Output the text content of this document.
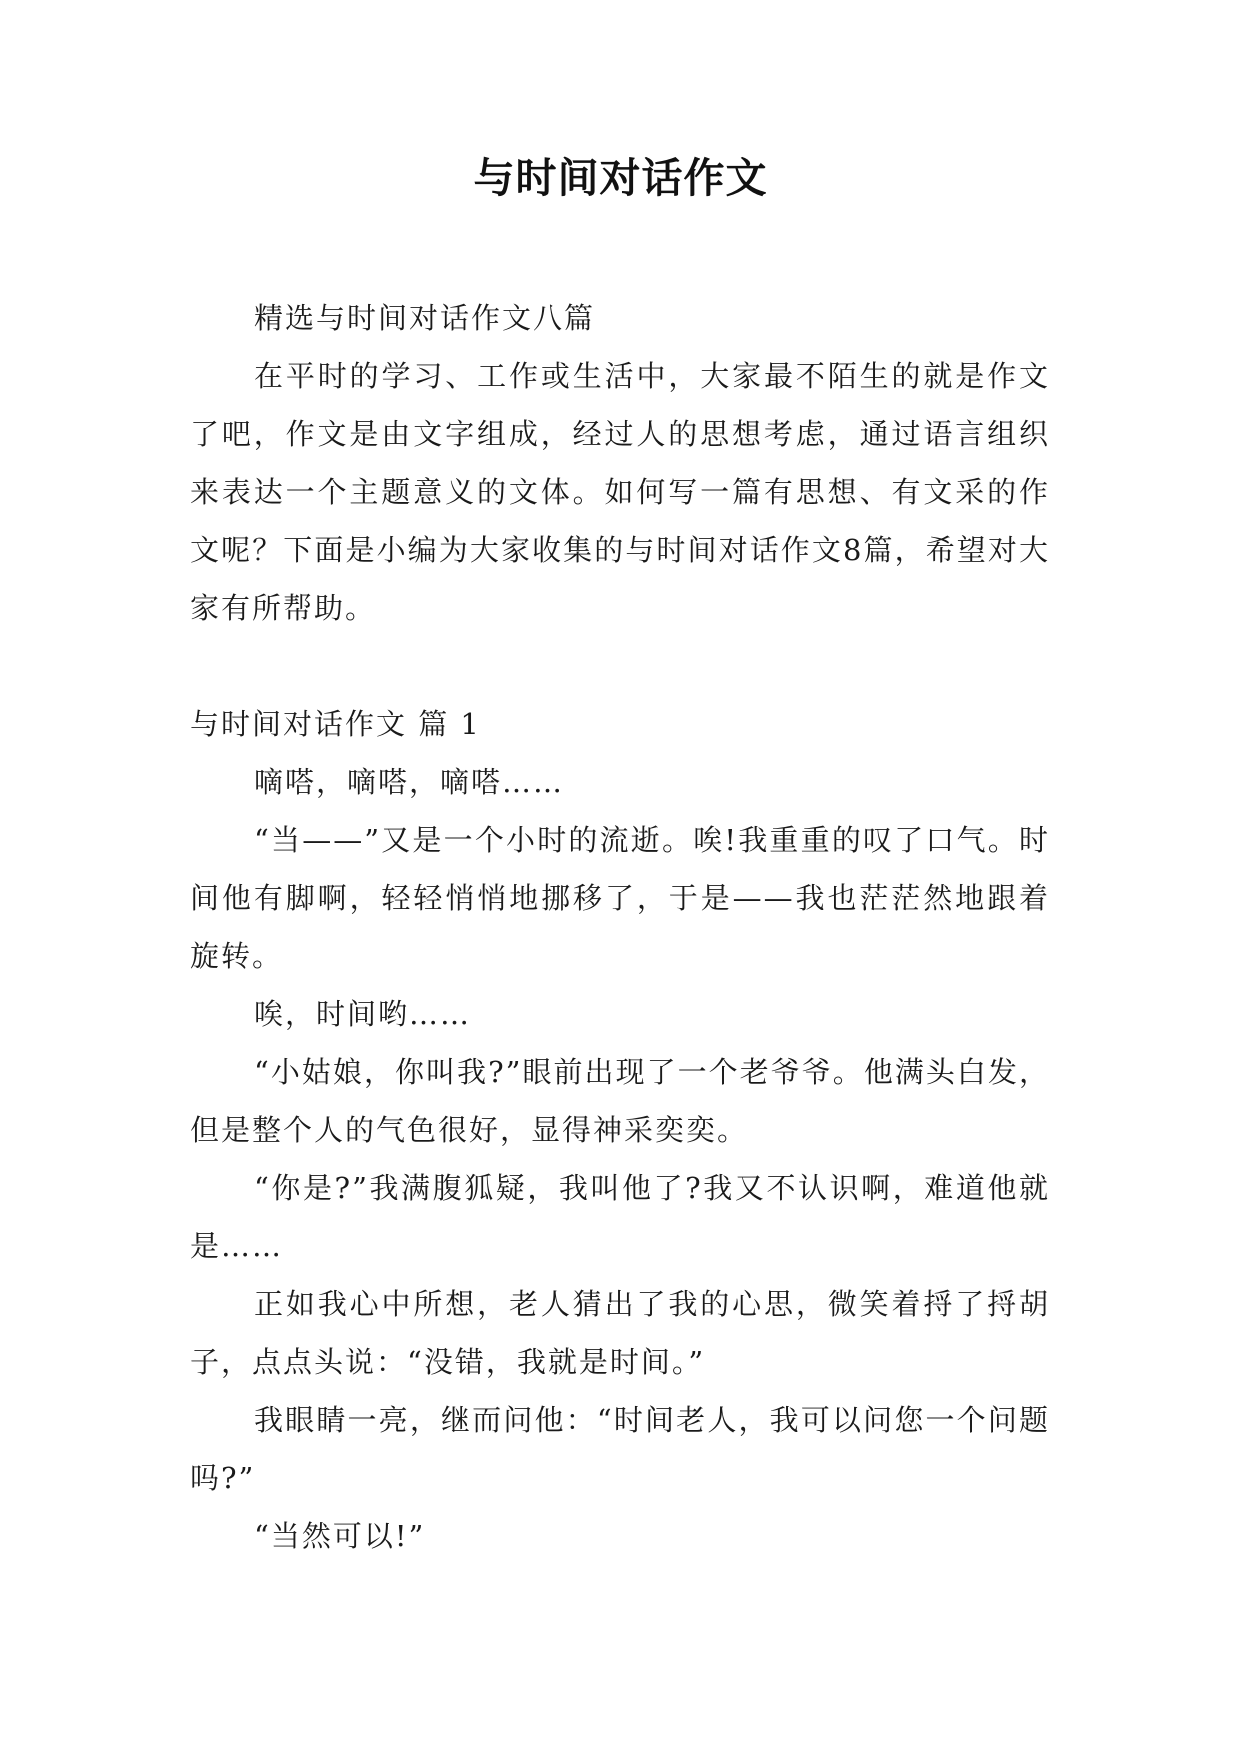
与时间对话作文

精选与时间对话作文八篇

在平时的学习、工作或生活中，大家最不陌生的就是作文了吧，作文是由文字组成，经过人的思想考虑，通过语言组织来表达一个主题意义的文体。如何写一篇有思想、有文采的作文呢？下面是小编为大家收集的与时间对话作文8篇，希望对大家有所帮助。

与时间对话作文 篇 1

嘀嗒，嘀嗒，嘀嗒……

“当——”又是一个小时的流逝。唉!我重重的叹了口气。时间他有脚啊，轻轻悄悄地挪移了，于是——我也茫茫然地跟着旋转。

唉，时间哟……

“小姑娘，你叫我?”眼前出现了一个老爷爷。他满头白发，但是整个人的气色很好，显得神采奕奕。

“你是?”我满腹狐疑，我叫他了?我又不认识啊，难道他就是……

正如我心中所想，老人猜出了我的心思，微笑着捋了捋胡子，点点头说：“没错，我就是时间。”

我眼睛一亮，继而问他：“时间老人，我可以问您一个问题吗?”

“当然可以!”
